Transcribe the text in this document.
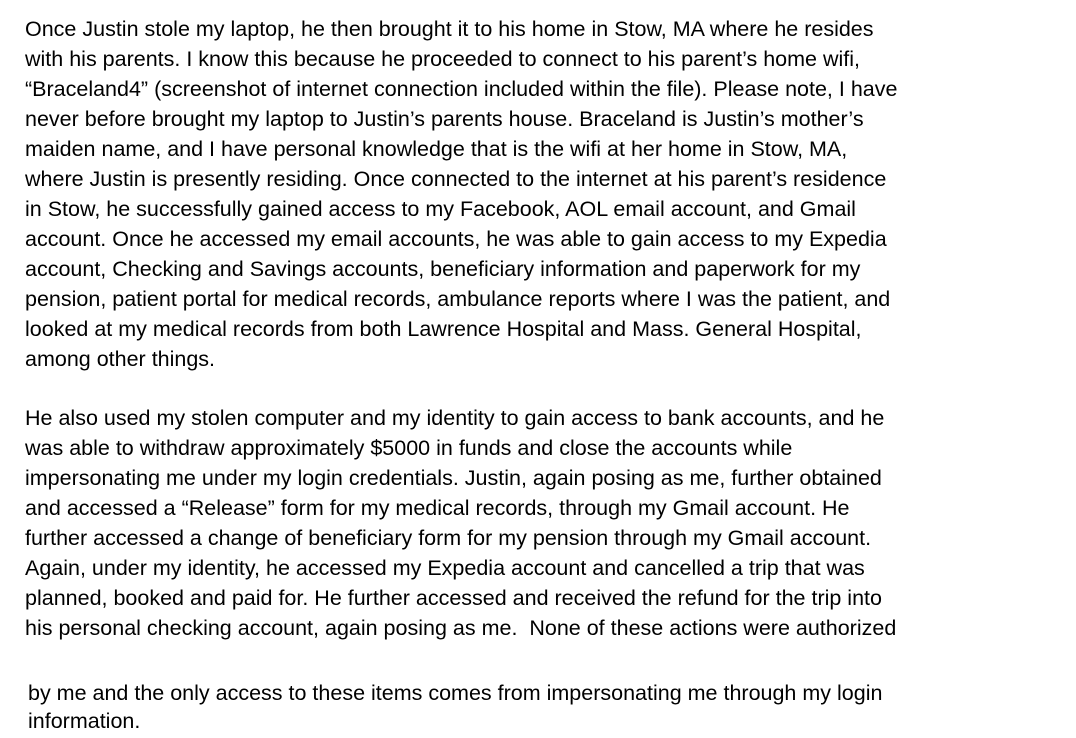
Once Justin stole my laptop, he then brought it to his home in Stow, MA where he resides
with his parents. I know this because he proceeded to connect to his parent’s home wifi,
“Braceland4” (screenshot of internet connection included within the file). Please note, I have
never before brought my laptop to Justin’s parents house. Braceland is Justin’s mother’s
maiden name, and I have personal knowledge that is the wifi at her home in Stow, MA,
where Justin is presently residing. Once connected to the internet at his parent’s residence
in Stow, he successfully gained access to my Facebook, AOL email account, and Gmail
account. Once he accessed my email accounts, he was able to gain access to my Expedia
account, Checking and Savings accounts, beneficiary information and paperwork for my
pension, patient portal for medical records, ambulance reports where I was the patient, and
looked at my medical records from both Lawrence Hospital and Mass. General Hospital,
among other things.
He also used my stolen computer and my identity to gain access to bank accounts, and he
was able to withdraw approximately $5000 in funds and close the accounts while
impersonating me under my login credentials. Justin, again posing as me, further obtained
and accessed a “Release” form for my medical records, through my Gmail account. He
further accessed a change of beneficiary form for my pension through my Gmail account.
Again, under my identity, he accessed my Expedia account and cancelled a trip that was
planned, booked and paid for. He further accessed and received the refund for the trip into
his personal checking account, again posing as me.  None of these actions were authorized
by me and the only access to these items comes from impersonating me through my login
information.
